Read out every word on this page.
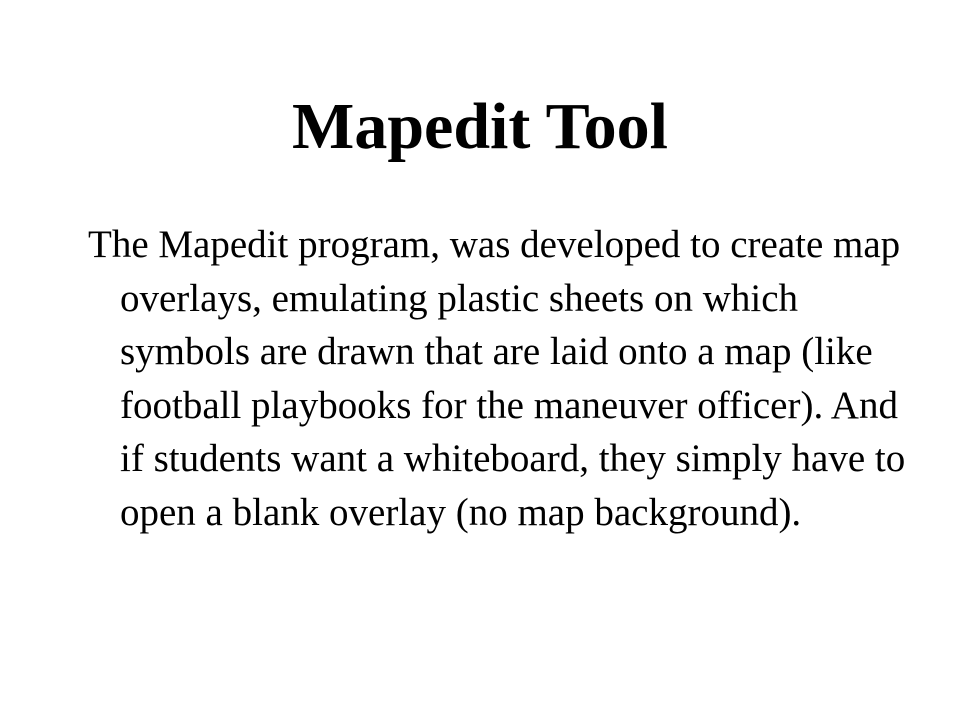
Mapedit Tool

The Mapedit program, was developed to create map overlays, emulating plastic sheets on which symbols are drawn that are laid onto a map (like football playbooks for the maneuver officer). And if students want a whiteboard, they simply have to open a blank overlay (no map background).
